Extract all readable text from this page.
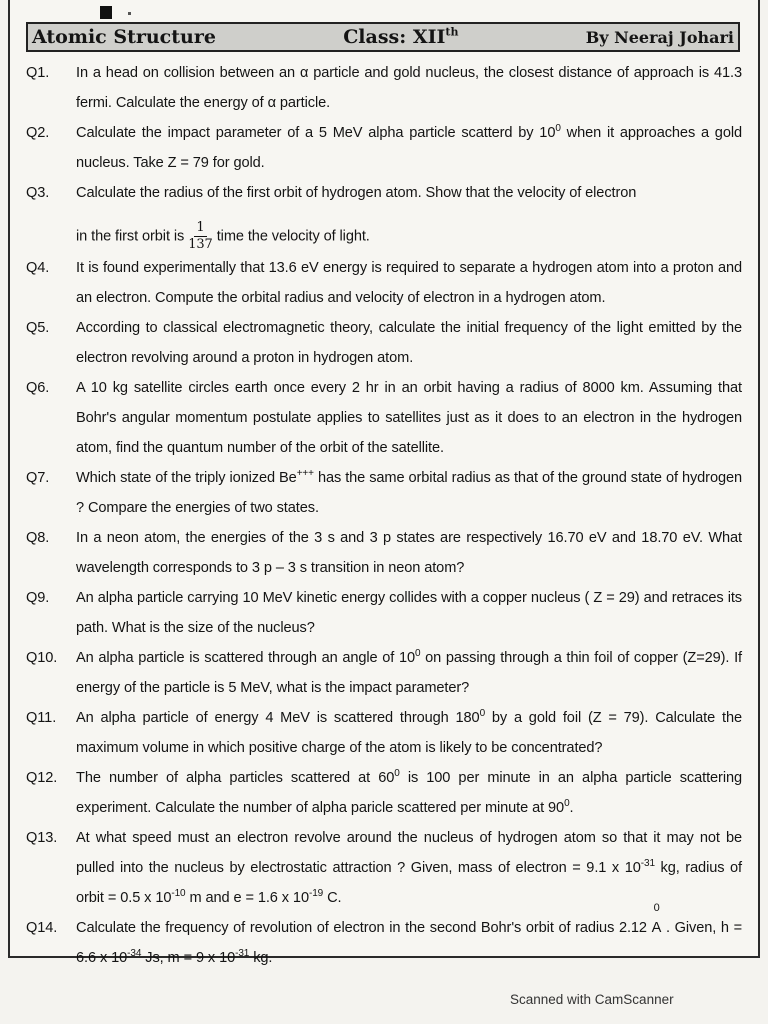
Atomic Structure	Class: XIIth	By Neeraj Johari
Q1.	In a head on collision between an α particle and gold nucleus, the closest distance of approach is 41.3 fermi. Calculate the energy of α particle.
Q2.	Calculate the impact parameter of a 5 MeV alpha particle scatterd by $10^0$ when it approaches a gold nucleus. Take Z = 79 for gold.
Q3.	Calculate the radius of the first orbit of hydrogen atom. Show that the velocity of electron
in the first orbit is $\frac{1}{137}$ time the velocity of light.
Q4.	It is found experimentally that 13.6 eV energy is required to separate a hydrogen atom into a proton and an electron. Compute the orbital radius and velocity of electron in a hydrogen atom.
Q5.	According to classical electromagnetic theory, calculate the initial frequency of the light emitted by the electron revolving around a proton in hydrogen atom.
Q6.	A 10 kg satellite circles earth once every 2 hr in an orbit having a radius of 8000 km. Assuming that Bohr's angular momentum postulate applies to satellites just as it does to an electron in the hydrogen atom, find the quantum number of the orbit of the satellite.
Q7.	Which state of the triply ionized Be+++ has the same orbital radius as that of the ground state of hydrogen ? Compare the energies of two states.
Q8.	In a neon atom, the energies of the 3 s and 3 p states are respectively 16.70 eV and 18.70 eV. What wavelength corresponds to 3 p – 3 s transition in neon atom?
Q9.	An alpha particle carrying 10 MeV kinetic energy collides with a copper nucleus ( Z = 29) and retraces its path. What is the size of the nucleus?
Q10.	An alpha particle is scattered through an angle of $10^0$ on passing through a thin foil of copper (Z=29). If energy of the particle is 5 MeV, what is the impact parameter?
Q11.	An alpha particle of energy 4 MeV is scattered through $180^0$ by a gold foil (Z = 79). Calculate the maximum volume in which positive charge of the atom is likely to be concentrated?
Q12.	The number of alpha particles scattered at $60^0$ is 100 per minute in an alpha particle scattering experiment. Calculate the number of alpha paricle scattered per minute at $90^0$.
Q13.	At what speed must an electron revolve around the nucleus of hydrogen atom so that it may not be pulled into the nucleus by electrostatic attraction ? Given, mass of electron = 9.1 x $10^{-31}$ kg, radius of orbit = 0.5 x $10^{-10}$ m and e = 1.6 x $10^{-19}$ C.
Q14.	Calculate the frequency of revolution of electron in the second Bohr's orbit of radius 2.12
0
A . Given, h = 6.6 x $10^{-34}$ Js, m = 9 x $10^{-31}$ kg.
Scanned with CamScanner
